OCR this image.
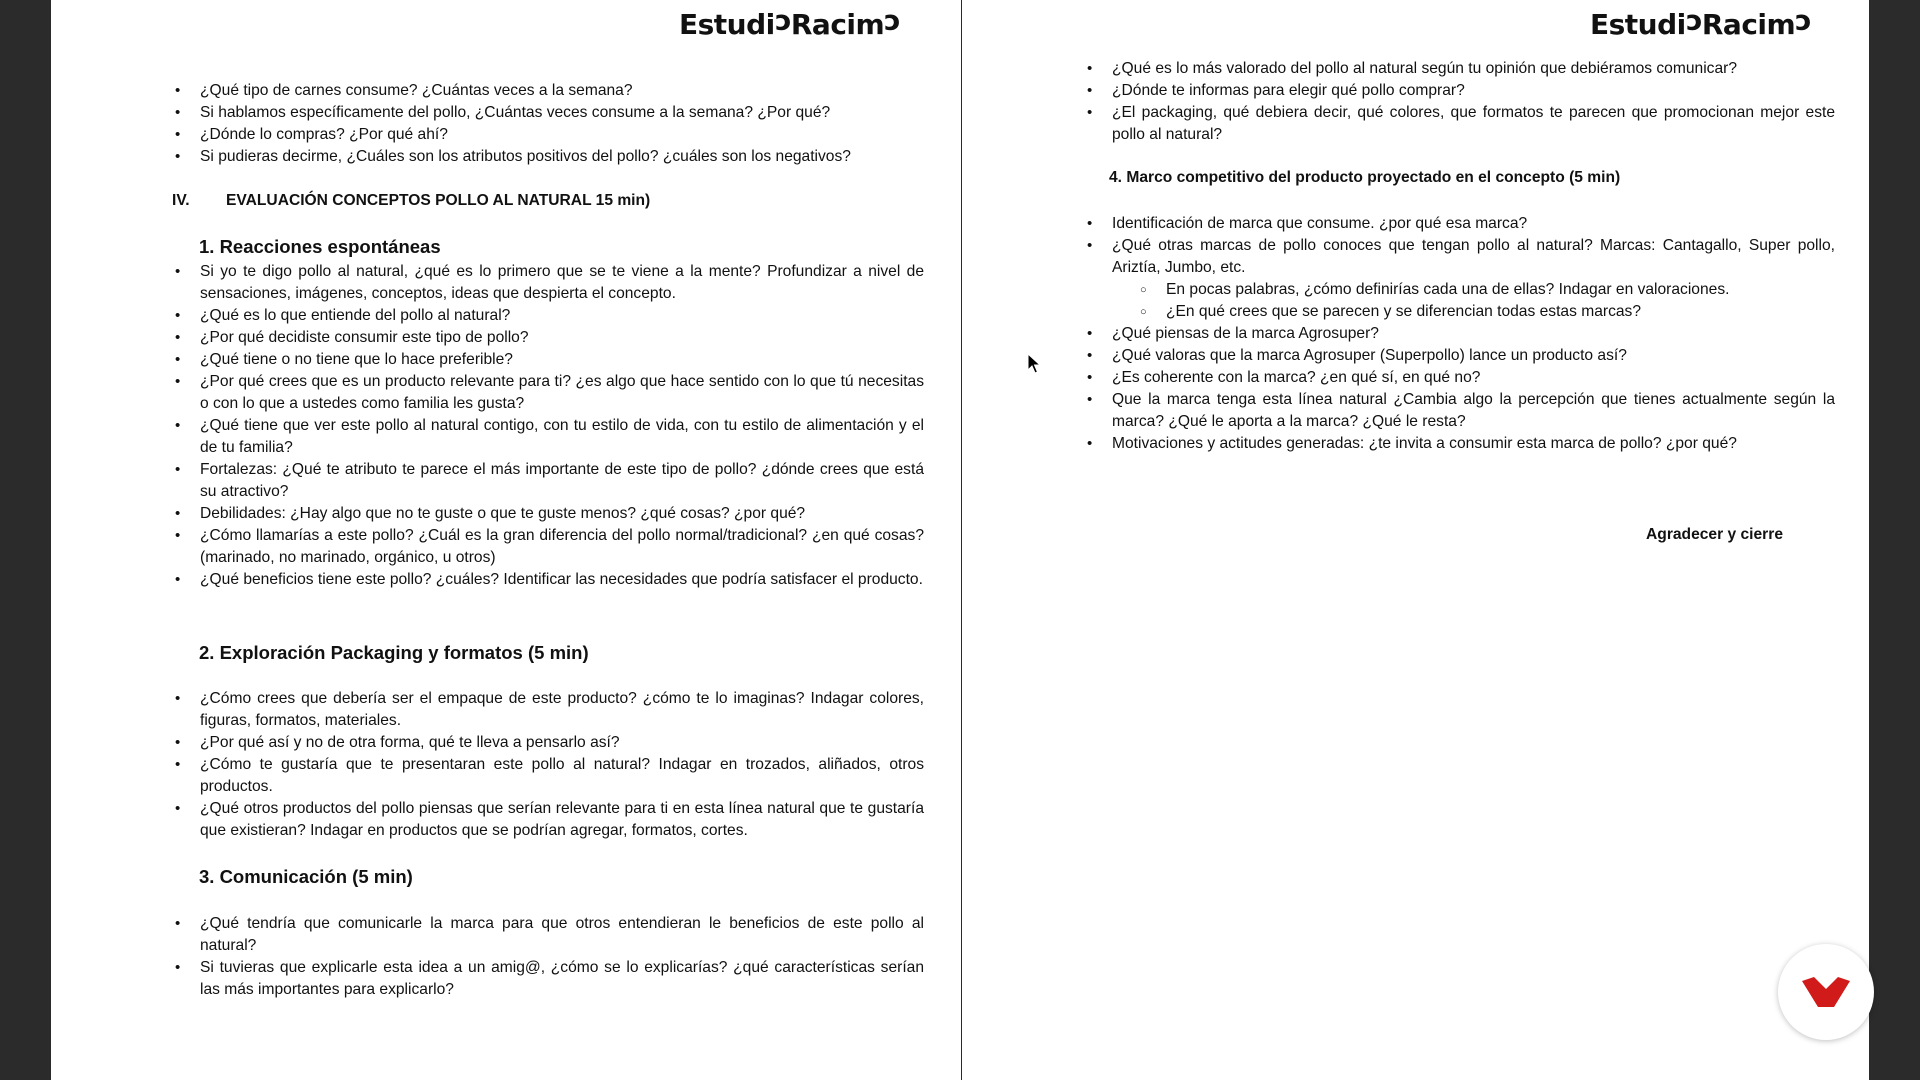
EstudicRacimc
• ¿Qué tipo de carnes consume? ¿Cuántas veces a la semana?
• Si hablamos específicamente del pollo, ¿Cuántas veces consume a la semana? ¿Por qué?
• ¿Dónde lo compras? ¿Por qué ahí?
• Si pudieras decirme, ¿Cuáles son los atributos positivos del pollo? ¿cuáles son los negativos?
IV. EVALUACIÓN CONCEPTOS POLLO AL NATURAL 15 min)
1. Reacciones espontáneas
• Si yo te digo pollo al natural, ¿qué es lo primero que se te viene a la mente? Profundizar a nivel de sensaciones, imágenes, conceptos, ideas que despierta el concepto.
• ¿Qué es lo que entiende del pollo al natural?
• ¿Por qué decidiste consumir este tipo de pollo?
• ¿Qué tiene o no tiene que lo hace preferible?
• ¿Por qué crees que es un producto relevante para ti? ¿es algo que hace sentido con lo que tú necesitas o con lo que a ustedes como familia les gusta?
• ¿Qué tiene que ver este pollo al natural contigo, con tu estilo de vida, con tu estilo de alimentación y el de tu familia?
• Fortalezas: ¿Qué te atributo te parece el más importante de este tipo de pollo? ¿dónde crees que está su atractivo?
• Debilidades: ¿Hay algo que no te guste o que te guste menos? ¿qué cosas? ¿por qué?
• ¿Cómo llamarías a este pollo? ¿Cuál es la gran diferencia del pollo normal/tradicional? ¿en qué cosas? (marinado, no marinado, orgánico, u otros)
• ¿Qué beneficios tiene este pollo? ¿cuáles? Identificar las necesidades que podría satisfacer el producto.
2. Exploración Packaging y formatos (5 min)
• ¿Cómo crees que debería ser el empaque de este producto? ¿cómo te lo imaginas? Indagar colores, figuras, formatos, materiales.
• ¿Por qué así y no de otra forma, qué te lleva a pensarlo así?
• ¿Cómo te gustaría que te presentaran este pollo al natural? Indagar en trozados, aliñados, otros productos.
• ¿Qué otros productos del pollo piensas que serían relevante para ti en esta línea natural que te gustaría que existieran? Indagar en productos que se podrían agregar, formatos, cortes.
3. Comunicación (5 min)
• ¿Qué tendría que comunicarle la marca para que otros entendieran le beneficios de este pollo al natural?
• Si tuvieras que explicarle esta idea a un amig@, ¿cómo se lo explicarías? ¿qué características serían las más importantes para explicarlo?
EstudicRacimc
• ¿Qué es lo más valorado del pollo al natural según tu opinión que debiéramos comunicar?
• ¿Dónde te informas para elegir qué pollo comprar?
• ¿El packaging, qué debiera decir, qué colores, que formatos te parecen que promocionan mejor este pollo al natural?
4. Marco competitivo del producto proyectado en el concepto (5 min)
• Identificación de marca que consume. ¿por qué esa marca?
• ¿Qué otras marcas de pollo conoces que tengan pollo al natural? Marcas: Cantagallo, Super pollo, Ariztía, Jumbo, etc.
○ En pocas palabras, ¿cómo definirías cada una de ellas? Indagar en valoraciones.
○ ¿En qué crees que se parecen y se diferencian todas estas marcas?
• ¿Qué piensas de la marca Agrosuper?
• ¿Qué valoras que la marca Agrosuper (Superpollo) lance un producto así?
• ¿Es coherente con la marca? ¿en qué sí, en qué no?
• Que la marca tenga esta línea natural ¿Cambia algo la percepción que tienes actualmente según la marca? ¿Qué le aporta a la marca? ¿Qué le resta?
• Motivaciones y actitudes generadas: ¿te invita a consumir esta marca de pollo? ¿por qué?
Agradecer y cierre
